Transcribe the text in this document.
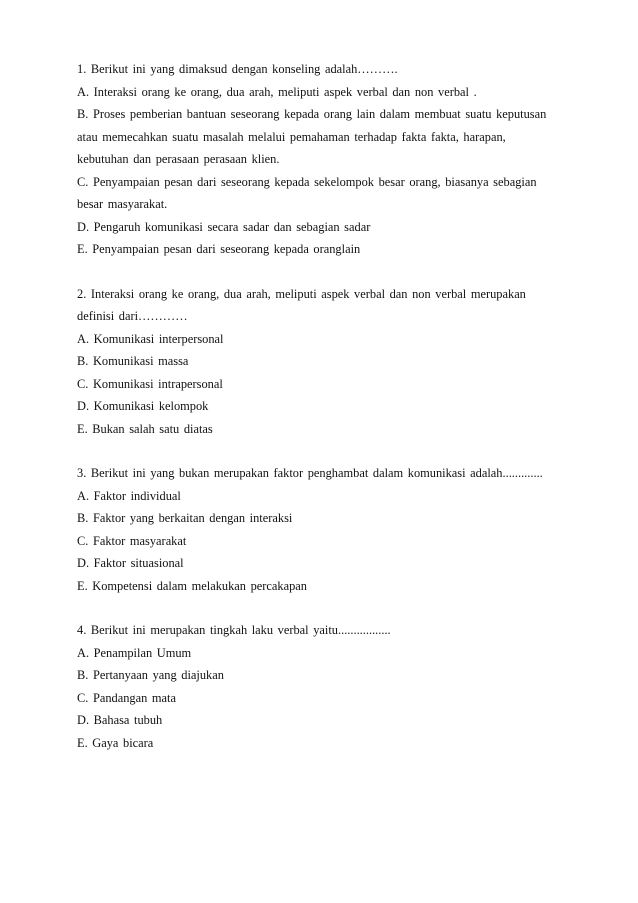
1. Berikut ini yang dimaksud dengan konseling adalah……….
A. Interaksi orang ke orang, dua arah, meliputi aspek verbal dan non verbal .
B. Proses pemberian bantuan seseorang kepada orang lain dalam membuat suatu keputusan
atau memecahkan suatu masalah melalui pemahaman terhadap fakta fakta, harapan,
kebutuhan dan perasaan perasaan klien.
C. Penyampaian pesan dari seseorang kepada sekelompok besar orang, biasanya sebagian
besar masyarakat.
D. Pengaruh komunikasi secara sadar dan sebagian sadar
E. Penyampaian pesan dari seseorang kepada oranglain
2. Interaksi orang ke orang, dua arah, meliputi aspek verbal dan non verbal merupakan
definisi dari…………
A. Komunikasi interpersonal
B. Komunikasi massa
C. Komunikasi intrapersonal
D. Komunikasi kelompok
E. Bukan salah satu diatas
3. Berikut ini yang bukan merupakan faktor penghambat dalam komunikasi adalah.............
A. Faktor individual
B. Faktor yang berkaitan dengan interaksi
C. Faktor masyarakat
D. Faktor situasional
E. Kompetensi dalam melakukan percakapan
4. Berikut ini merupakan tingkah laku verbal yaitu.................
A. Penampilan Umum
B. Pertanyaan yang diajukan
C. Pandangan mata
D. Bahasa tubuh
E. Gaya bicara
